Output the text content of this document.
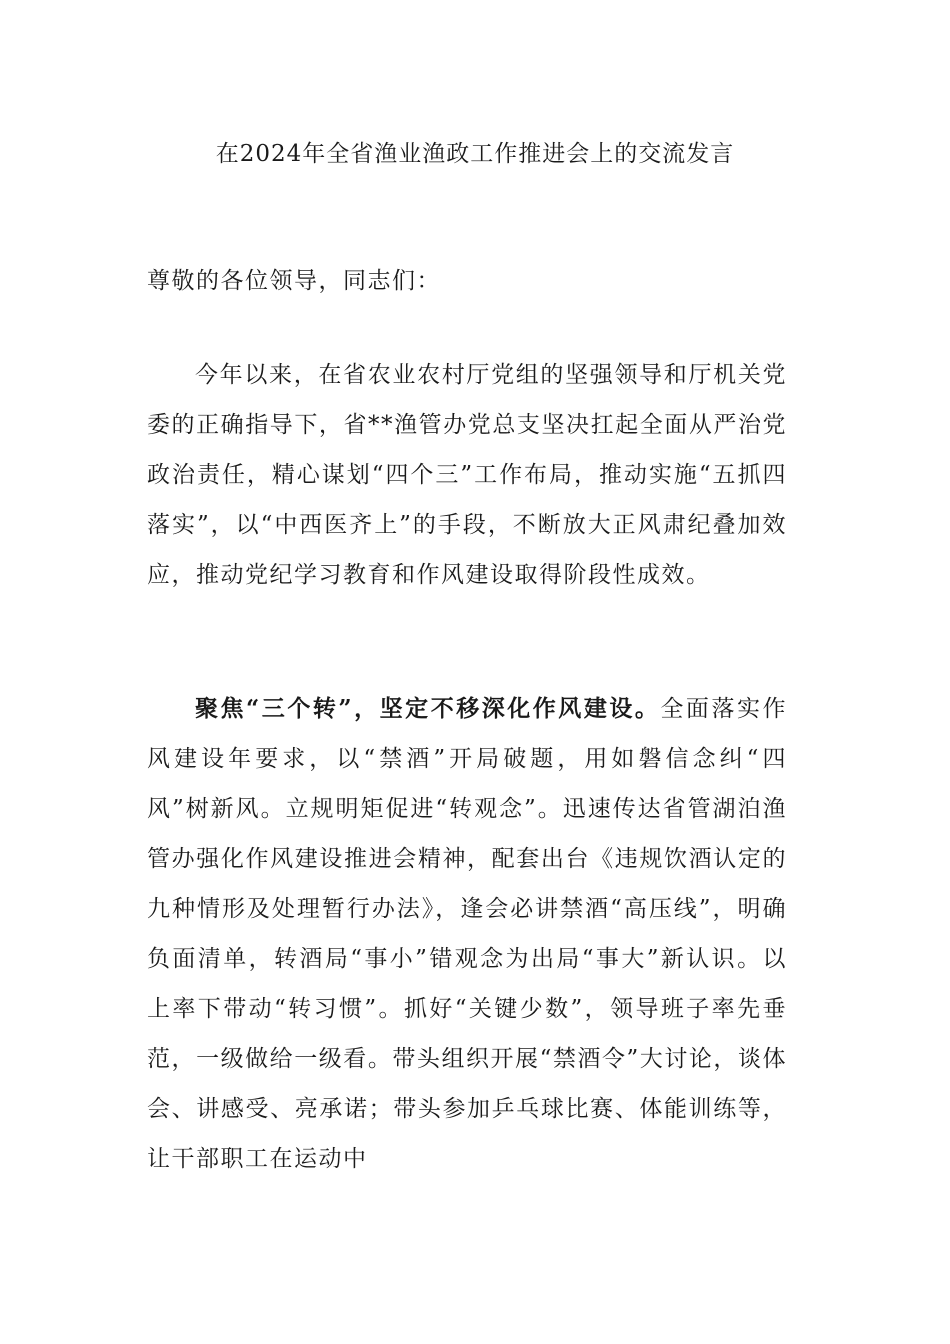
在2024年全省渔业渔政工作推进会上的交流发言
尊敬的各位领导，同志们：
今年以来，在省农业农村厅党组的坚强领导和厅机关党委的正确指导下，省**渔管办党总支坚决扛起全面从严治党政治责任，精心谋划“四个三”工作布局，推动实施“五抓四落实”，以“中西医齐上”的手段，不断放大正风肃纪叠加效应，推动党纪学习教育和作风建设取得阶段性成效。
聚焦“三个转”，坚定不移深化作风建设。全面落实作风建设年要求，以“禁酒”开局破题，用如磐信念纠“四风”树新风。立规明矩促进“转观念”。迅速传达省管湖泊渔管办强化作风建设推进会精神，配套出台《违规饮酒认定的九种情形及处理暂行办法》，逢会必讲禁酒“高压线”，明确负面清单，转酒局“事小”错观念为出局“事大”新认识。以上率下带动“转习惯”。抓好“关键少数”，领导班子率先垂范，一级做给一级看。带头组织开展“禁酒令”大讨论，谈体会、讲感受、亮承诺；带头参加乒乓球比赛、体能训练等，让干部职工在运动中
